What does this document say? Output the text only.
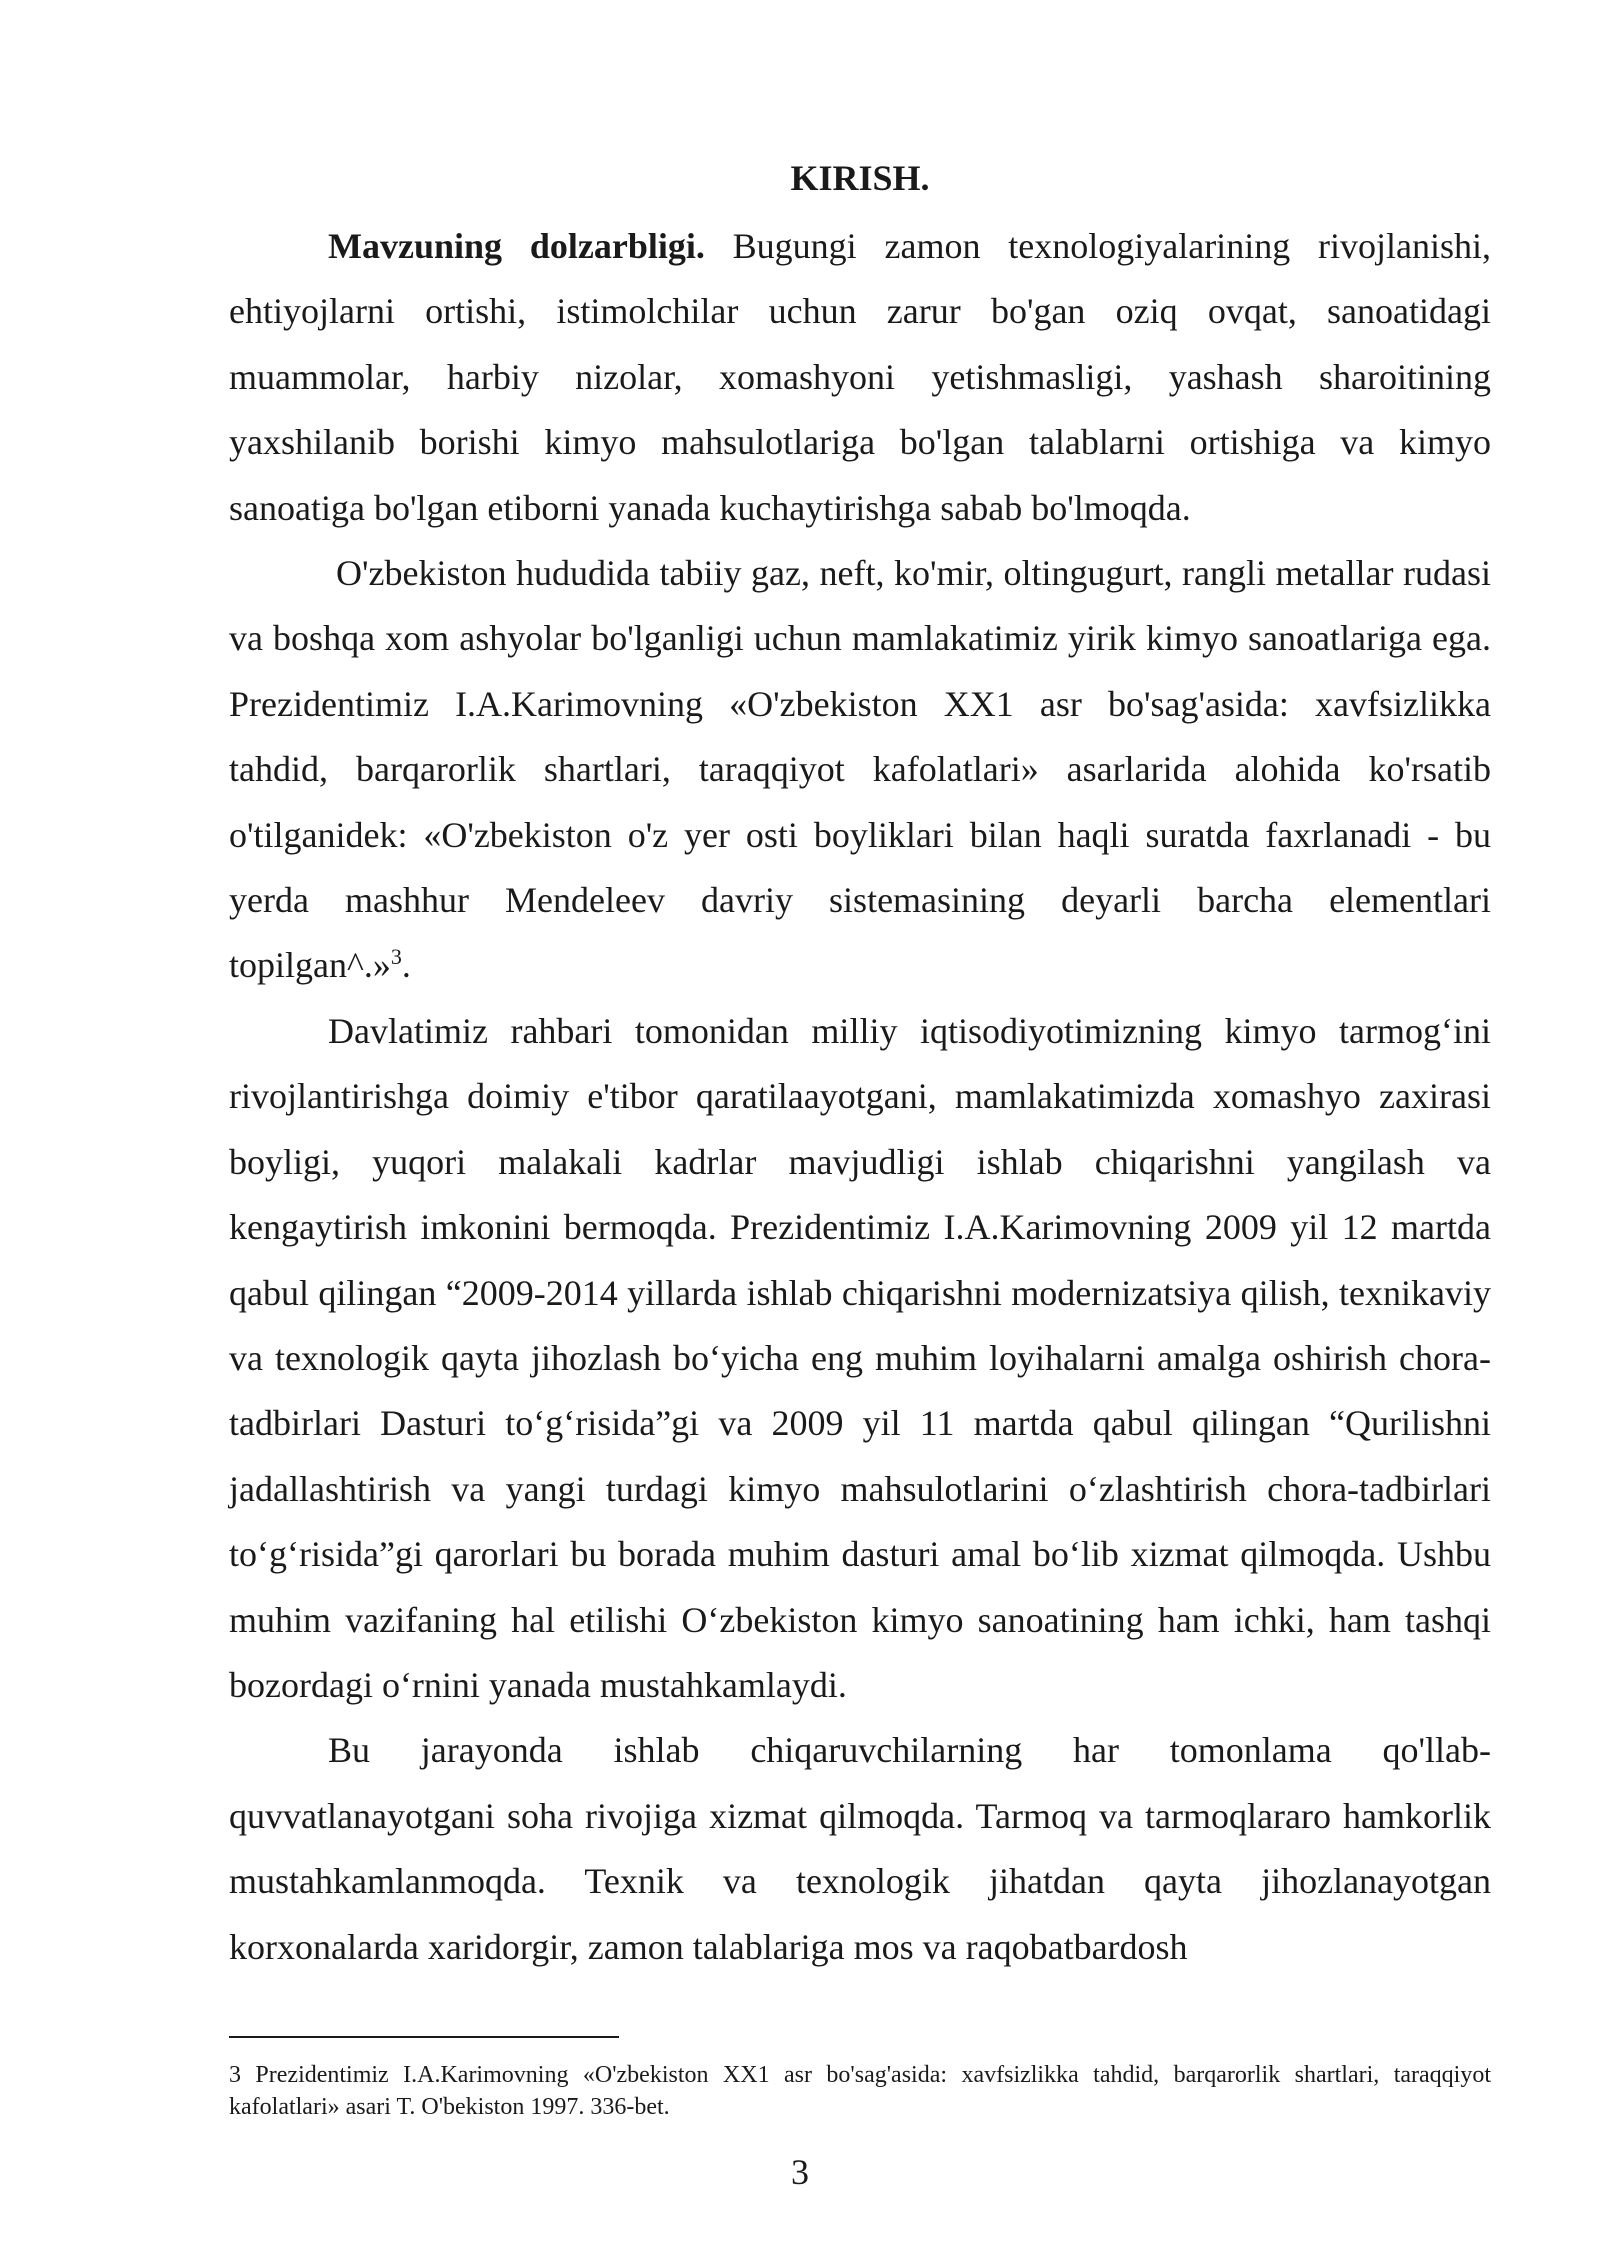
KIRISH.

Mavzuning dolzarbligi. Bugungi zamon texnologiyalarining rivojlanishi, ehtiyojlarni ortishi, istimolchilar uchun zarur bo'gan oziq ovqat, sanoatidagi muammolar, harbiy nizolar, xomashyoni yetishmasligi, yashash sharoitining yaxshilanib borishi kimyo mahsulotlariga bo'lgan talablarni ortishiga va kimyo sanoatiga bo'lgan etiborni yanada kuchaytirishga sabab bo'lmoqda.

O'zbekiston hududida tabiiy gaz, neft, ko'mir, oltingugurt, rangli metallar rudasi va boshqa xom ashyolar bo'lganligi uchun mamlakatimiz yirik kimyo sanoatlariga ega. Prezidentimiz I.A.Karimovning «O'zbekiston XX1 asr bo'sag'asida: xavfsizlikka tahdid, barqarorlik shartlari, taraqqiyot kafolatlari» asarlarida alohida ko'rsatib o'tilganidek: «O'zbekiston o'z yer osti boyliklari bilan haqli suratda faxrlanadi - bu yerda mashhur Mendeleev davriy sistemasining deyarli barcha elementlari topilgan^.»$^3$.

Davlatimiz rahbari tomonidan milliy iqtisodiyotimizning kimyo tarmog‘ini rivojlantirishga doimiy e'tibor qaratilaayotgani, mamlakatimizda xomashyo zaxirasi boyligi, yuqori malakali kadrlar mavjudligi ishlab chiqarishni yangilash va kengaytirish imkonini bermoqda. Prezidentimiz I.A.Karimovning 2009 yil 12 martda qabul qilingan “2009-2014 yillarda ishlab chiqarishni modernizatsiya qilish, texnikaviy va texnologik qayta jihozlash bo‘yicha eng muhim loyihalarni amalga oshirish chora-tadbirlari Dasturi to‘g‘risida”gi va 2009 yil 11 martda qabul qilingan “Qurilishni jadallashtirish va yangi turdagi kimyo mahsulotlarini o‘zlashtirish chora-tadbirlari to‘g‘risida”gi qarorlari bu borada muhim dasturi amal bo‘lib xizmat qilmoqda. Ushbu muhim vazifaning hal etilishi O‘zbekiston kimyo sanoatining ham ichki, ham tashqi bozordagi o‘rnini yanada mustahkamlaydi.

Bu jarayonda ishlab chiqaruvchilarning har tomonlama qo'llab-quvvatlanayotgani soha rivojiga xizmat qilmoqda. Tarmoq va tarmoqlararo hamkorlik mustahkamlanmoqda. Texnik va texnologik jihatdan qayta jihozlanayotgan korxonalarda xaridorgir, zamon talablariga mos va raqobatbardosh

3 Prezidentimiz I.A.Karimovning «O'zbekiston XX1 asr bo'sag'asida: xavfsizlikka tahdid, barqarorlik shartlari, taraqqiyot kafolatlari» asari T. O'bekiston 1997. 336-bet.

3
